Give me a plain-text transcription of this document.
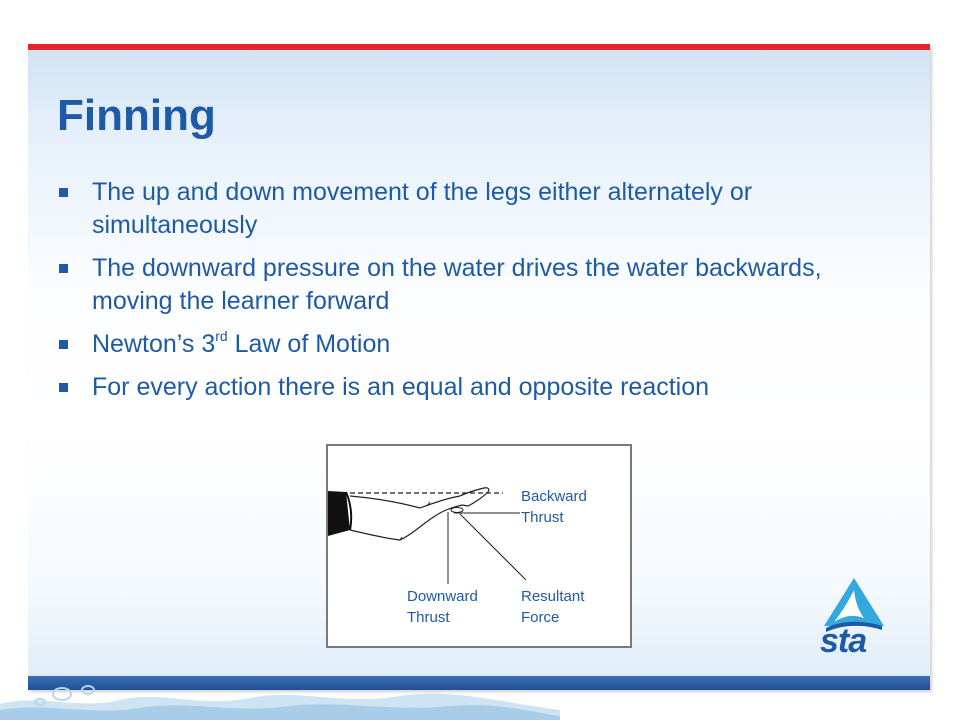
Finning
The up and down movement of the legs either alternately or simultaneously
The downward pressure on the water drives the water backwards, moving the learner forward
Newton’s 3rd Law of Motion
For every action there is an equal and opposite reaction
Backward
Thrust
Downward
Thrust
Resultant
Force
sta
